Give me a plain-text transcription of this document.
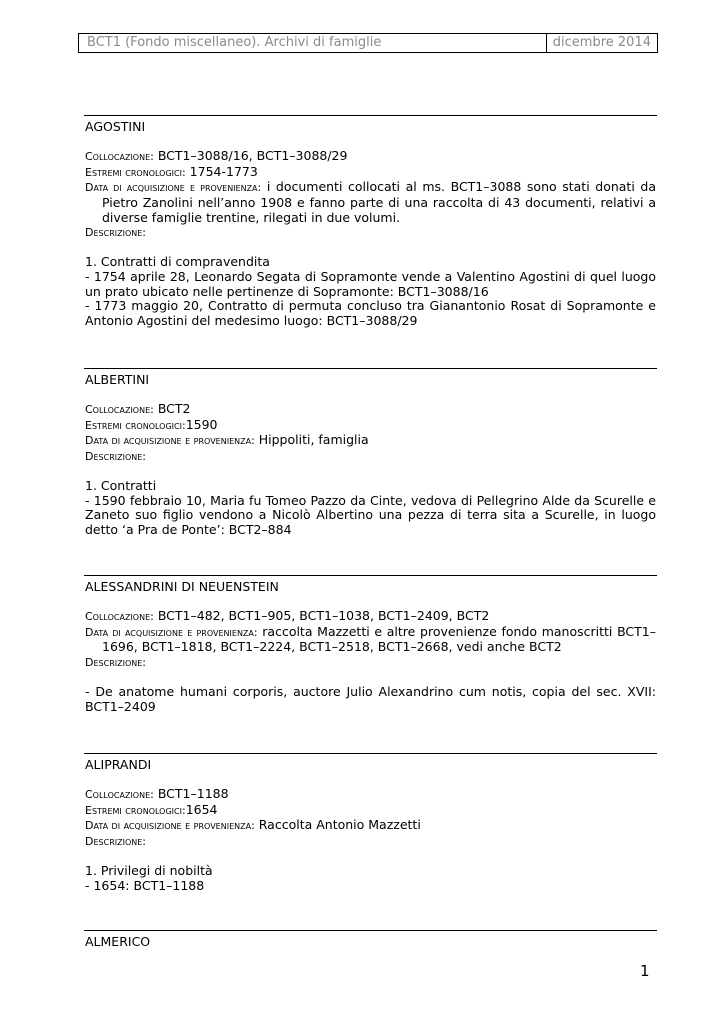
BCT1 (Fondo miscellaneo). Archivi di famiglie	dicembre 2014
AGOSTINI
Collocazione: BCT1–3088/16, BCT1–3088/29
Estremi cronologici: 1754-1773
Data di acquisizione e provenienza: i documenti collocati al ms. BCT1–3088 sono stati donati da Pietro Zanolini nell’anno 1908 e fanno parte di una raccolta di 43 documenti, relativi a diverse famiglie trentine, rilegati in due volumi.
Descrizione:
1. Contratti di compravendita
- 1754 aprile 28, Leonardo Segata di Sopramonte vende a Valentino Agostini di quel luogo un prato ubicato nelle pertinenze di Sopramonte: BCT1–3088/16
- 1773 maggio 20, Contratto di permuta concluso tra Gianantonio Rosat di Sopramonte e Antonio Agostini del medesimo luogo: BCT1–3088/29
ALBERTINI
Collocazione: BCT2
Estremi cronologici:1590
Data di acquisizione e provenienza: Hippoliti, famiglia
Descrizione:
1. Contratti
- 1590 febbraio 10, Maria fu Tomeo Pazzo da Cinte, vedova di Pellegrino Alde da Scurelle e Zaneto suo figlio vendono a Nicolò Albertino una pezza di terra sita a Scurelle, in luogo detto ‘a Pra de Ponte’: BCT2–884
ALESSANDRINI DI NEUENSTEIN
Collocazione: BCT1–482, BCT1–905, BCT1–1038, BCT1–2409, BCT2
Data di acquisizione e provenienza: raccolta Mazzetti e altre provenienze fondo manoscritti BCT1–1696, BCT1–1818, BCT1–2224, BCT1–2518, BCT1–2668, vedi anche BCT2
Descrizione:
- De anatome humani corporis, auctore Julio Alexandrino cum notis, copia del sec. XVII: BCT1–2409
ALIPRANDI
Collocazione: BCT1–1188
Estremi cronologici:1654
Data di acquisizione e provenienza: Raccolta Antonio Mazzetti
Descrizione:
1. Privilegi di nobiltà
- 1654: BCT1–1188
ALMERICO
1
